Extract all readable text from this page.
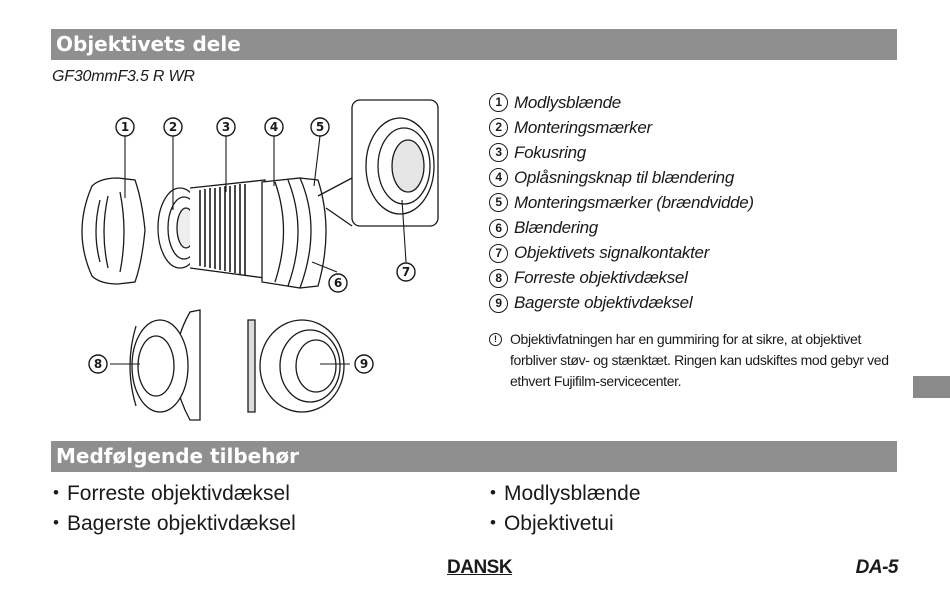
Objektivets dele
GF30mmF3.5 R WR
1	2	3	4	5
6
7
8	9
1 Modlysblænde
2 Monteringsmærker
3 Fokusring
4 Oplåsningsknap til blændering
5 Monteringsmærker (brændvidde)
6 Blændering
7 Objektivets signalkontakter
8 Forreste objektivdæksel
9 Bagerste objektivdæksel
! Objektivfatningen har en gummiring for at sikre, at objektivet forbliver støv- og stænktæt. Ringen kan udskiftes mod gebyr ved ethvert Fujifilm-servicecenter.
Medfølgende tilbehør
• Forreste objektivdæksel
• Bagerste objektivdæksel
• Modlysblænde
• Objektivetui
DANSK	DA-5
